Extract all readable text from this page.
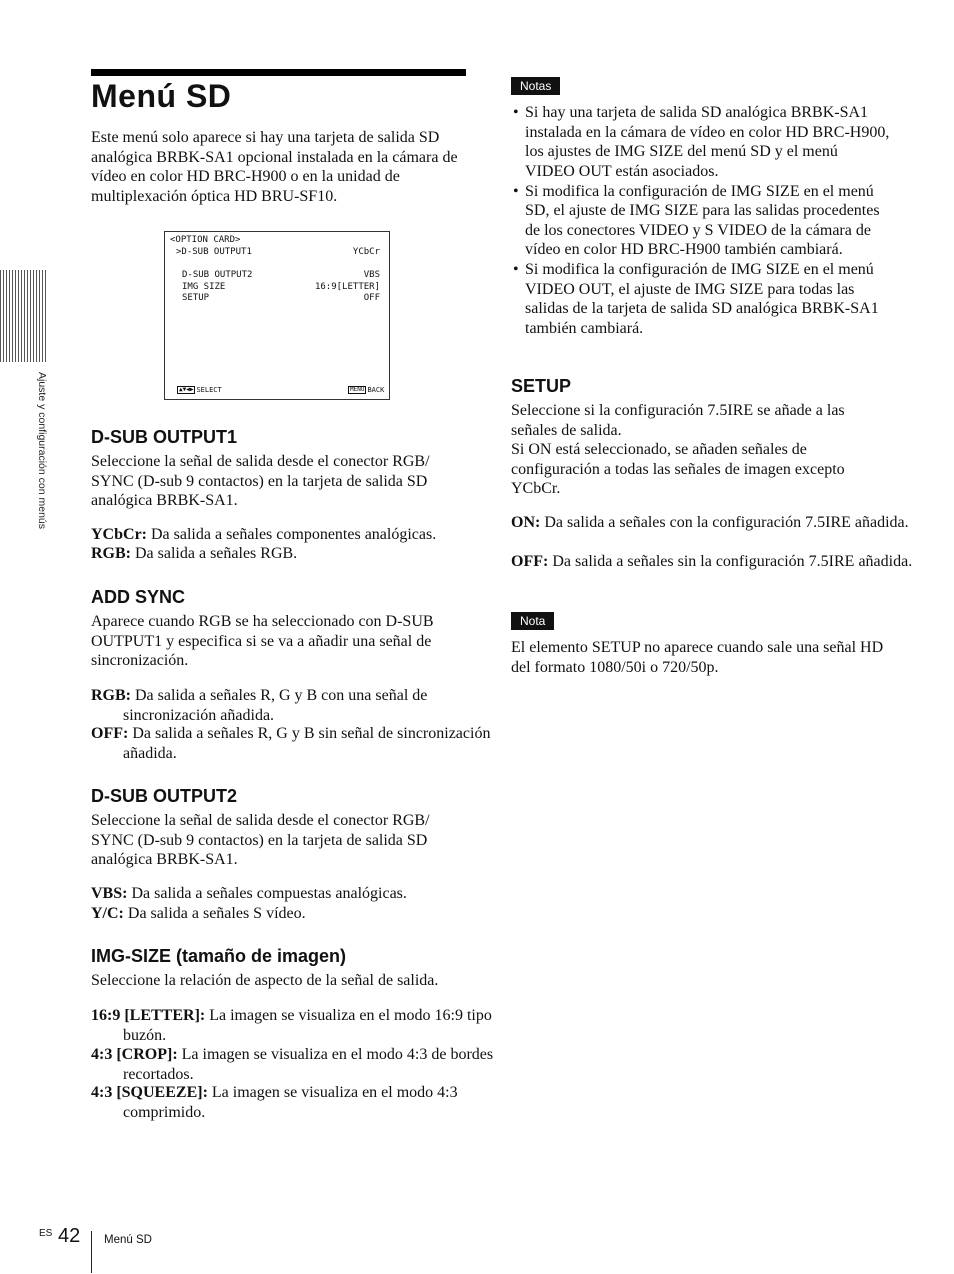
Ajuste y configuración con menús
Menú SD

Este menú solo aparece si hay una tarjeta de salida SD analógica BRBK-SA1 opcional instalada en la cámara de vídeo en color HD BRC-H900 o en la unidad de multiplexación óptica HD BRU-SF10.

<OPTION CARD>
>D-SUB OUTPUT1	YCbCr
D-SUB OUTPUT2	VBS
IMG SIZE	16:9[LETTER]
SETUP	OFF
▲▼◀▶ SELECT	MENU BACK
D-SUB OUTPUT1

Seleccione la señal de salida desde el conector RGB/ SYNC (D-sub 9 contactos) en la tarjeta de salida SD analógica BRBK-SA1.

YCbCr: Da salida a señales componentes analógicas.

RGB: Da salida a señales RGB.

ADD SYNC

Aparece cuando RGB se ha seleccionado con D-SUB OUTPUT1 y especifica si se va a añadir una señal de sincronización.

RGB: Da salida a señales R, G y B con una señal de sincronización añadida.

OFF: Da salida a señales R, G y B sin señal de sincronización añadida.

D-SUB OUTPUT2

Seleccione la señal de salida desde el conector RGB/ SYNC (D-sub 9 contactos) en la tarjeta de salida SD analógica BRBK-SA1.

VBS: Da salida a señales compuestas analógicas.

Y/C: Da salida a señales S vídeo.

IMG-SIZE (tamaño de imagen)

Seleccione la relación de aspecto de la señal de salida.

16:9 [LETTER]: La imagen se visualiza en el modo 16:9 tipo buzón.

4:3 [CROP]: La imagen se visualiza en el modo 4:3 de bordes recortados.

4:3 [SQUEEZE]: La imagen se visualiza en el modo 4:3 comprimido.

Notas
• Si hay una tarjeta de salida SD analógica BRBK-SA1 instalada en la cámara de vídeo en color HD BRC-H900, los ajustes de IMG SIZE del menú SD y el menú VIDEO OUT están asociados.
• Si modifica la configuración de IMG SIZE en el menú SD, el ajuste de IMG SIZE para las salidas procedentes de los conectores VIDEO y S VIDEO de la cámara de vídeo en color HD BRC-H900 también cambiará.
• Si modifica la configuración de IMG SIZE en el menú VIDEO OUT, el ajuste de IMG SIZE para todas las salidas de la tarjeta de salida SD analógica BRBK-SA1 también cambiará.
SETUP

Seleccione si la configuración 7.5IRE se añade a las señales de salida.

Si ON está seleccionado, se añaden señales de configuración a todas las señales de imagen excepto YCbCr.

ON: Da salida a señales con la configuración 7.5IRE añadida.

OFF: Da salida a señales sin la configuración 7.5IRE añadida.

Nota

El elemento SETUP no aparece cuando sale una señal HD del formato 1080/50i o 720/50p.

ES 42 Menú SD
